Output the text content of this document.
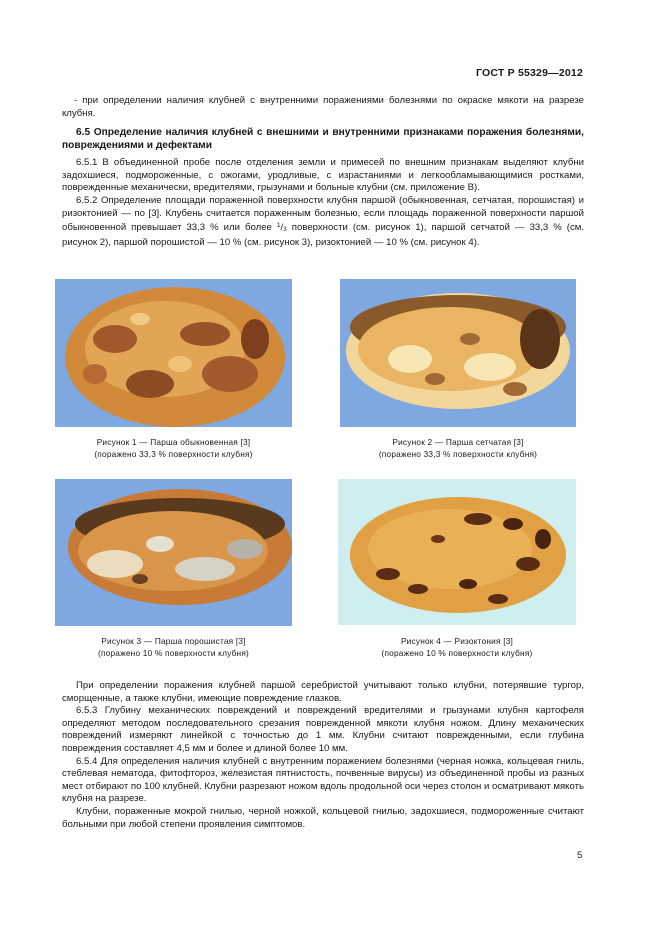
ГОСТ Р 55329—2012

- при определении наличия клубней с внутренними поражениями болезнями по окраске мякоти на разрезе клубня.

6.5 Определение наличия клубней с внешними и внутренними признаками поражения болезнями, повреждениями и дефектами

6.5.1 В объединенной пробе после отделения земли и примесей по внешним признакам выделяют клубни задохшиеся, подмороженные, с ожогами, уродливые, с израстаниями и легкообламывающимися ростками, поврежденные механически, вредителями, грызунами и больные клубни (см. приложение В).

6.5.2 Определение площади пораженной поверхности клубня паршой (обыкновенная, сетчатая, порошистая) и ризоктонией — по [3]. Клубень считается пораженным болезнью, если площадь пораженной поверхности паршой обыкновенной превышает 33,3 % или более $^1/_3$ поверхности (см. рисунок 1), паршой сетчатой — 33,3 % (см. рисунок 2), паршой порошистой — 10 % (см. рисунок 3), ризоктонией — 10 % (см. рисунок 4).

Рисунок 1 — Парша обыкновенная [3]
(поражено 33,3 % поверхности клубня)
Рисунок 2 — Парша сетчатая [3]
(поражено 33,3 % поверхности клубня)
Рисунок 3 — Парша порошистая [3]
(поражено 10 % поверхности клубня)
Рисунок 4 — Ризоктония [3]
(поражено 10 % поверхности клубня)

При определении поражения клубней паршой серебристой учитывают только клубни, потерявшие тургор, сморщенные, а также клубни, имеющие повреждение глазков.

6.5.3 Глубину механических повреждений и повреждений вредителями и грызунами клубня картофеля определяют методом последовательного срезания поврежденной мякоти клубня ножом. Длину механических повреждений измеряют линейкой с точностью до 1 мм. Клубни считают поврежденными, если глубина повреждения составляет 4,5 мм и более и длиной более 10 мм.

6.5.4 Для определения наличия клубней с внутренним поражением болезнями (черная ножка, кольцевая гниль, стеблевая нематода, фитофтороз, железистая пятнистость, почвенные вирусы) из объединенной пробы из разных мест отбирают по 100 клубней. Клубни разрезают ножом вдоль продольной оси через столон и осматривают мякоть клубня на разрезе.

Клубни, пораженные мокрой гнилью, черной ножкой, кольцевой гнилью, задохшиеся, подмороженные считают больными при любой степени проявления симптомов.

5
